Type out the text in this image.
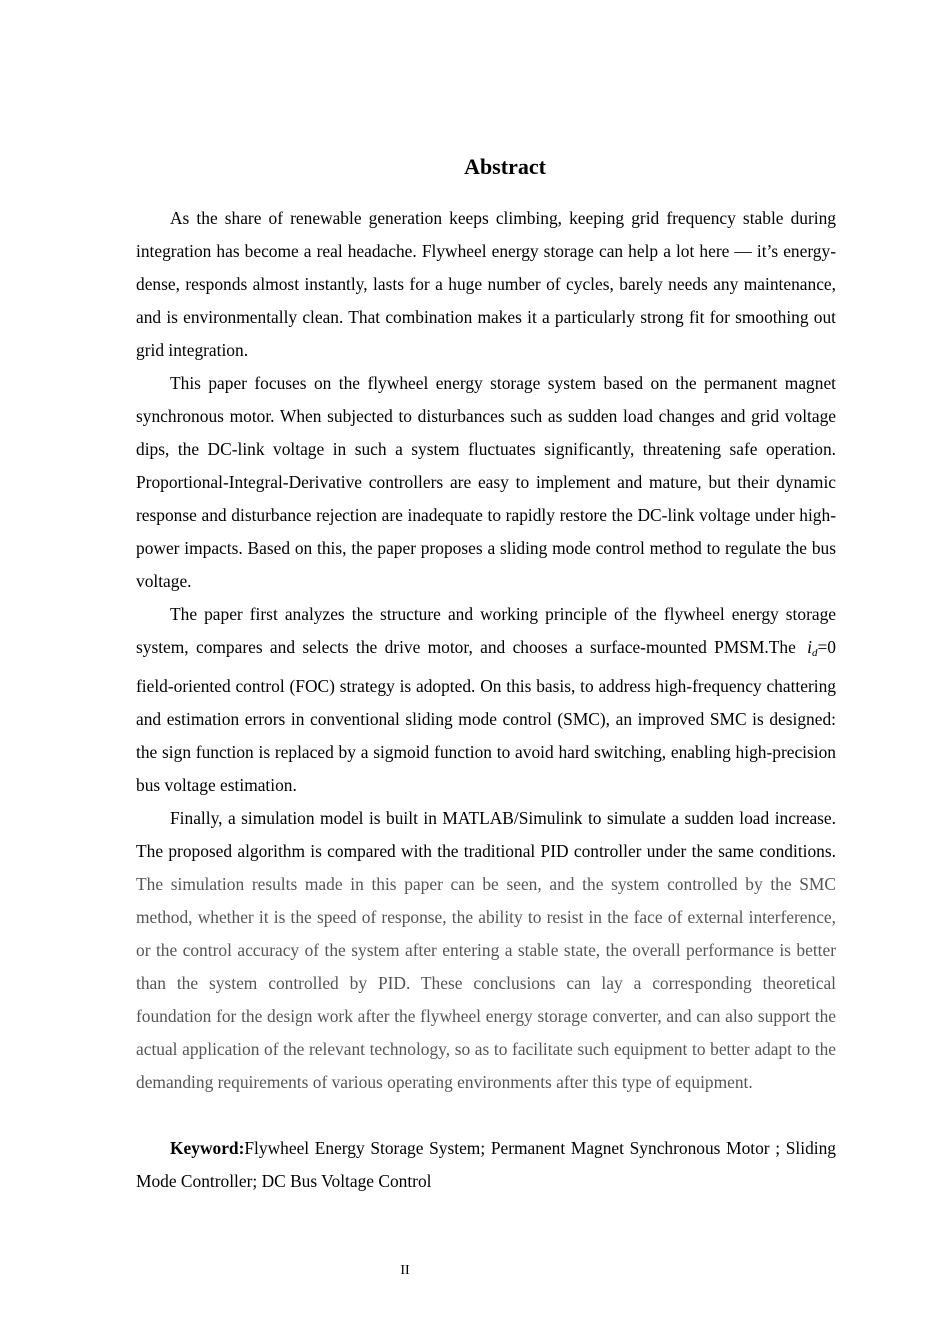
Abstract

As the share of renewable generation keeps climbing, keeping grid frequency stable during integration has become a real headache. Flywheel energy storage can help a lot here — it’s energy-dense, responds almost instantly, lasts for a huge number of cycles, barely needs any maintenance, and is environmentally clean. That combination makes it a particularly strong fit for smoothing out grid integration.

This paper focuses on the flywheel energy storage system based on the permanent magnet synchronous motor. When subjected to disturbances such as sudden load changes and grid voltage dips, the DC-link voltage in such a system fluctuates significantly, threatening safe operation. Proportional-Integral-Derivative controllers are easy to implement and mature, but their dynamic response and disturbance rejection are inadequate to rapidly restore the DC-link voltage under high-power impacts. Based on this, the paper proposes a sliding mode control method to regulate the bus voltage.

The paper first analyzes the structure and working principle of the flywheel energy storage system, compares and selects the drive motor, and chooses a surface-mounted PMSM.The id=0 field-oriented control (FOC) strategy is adopted. On this basis, to address high-frequency chattering and estimation errors in conventional sliding mode control (SMC), an improved SMC is designed: the sign function is replaced by a sigmoid function to avoid hard switching, enabling high-precision bus voltage estimation.

Finally, a simulation model is built in MATLAB/Simulink to simulate a sudden load increase. The proposed algorithm is compared with the traditional PID controller under the same conditions. The simulation results made in this paper can be seen, and the system controlled by the SMC method, whether it is the speed of response, the ability to resist in the face of external interference, or the control accuracy of the system after entering a stable state, the overall performance is better than the system controlled by PID. These conclusions can lay a corresponding theoretical foundation for the design work after the flywheel energy storage converter, and can also support the actual application of the relevant technology, so as to facilitate such equipment to better adapt to the demanding requirements of various operating environments after this type of equipment.

Keyword:Flywheel Energy Storage System; Permanent Magnet Synchronous Motor ; Sliding Mode Controller; DC Bus Voltage Control

II
